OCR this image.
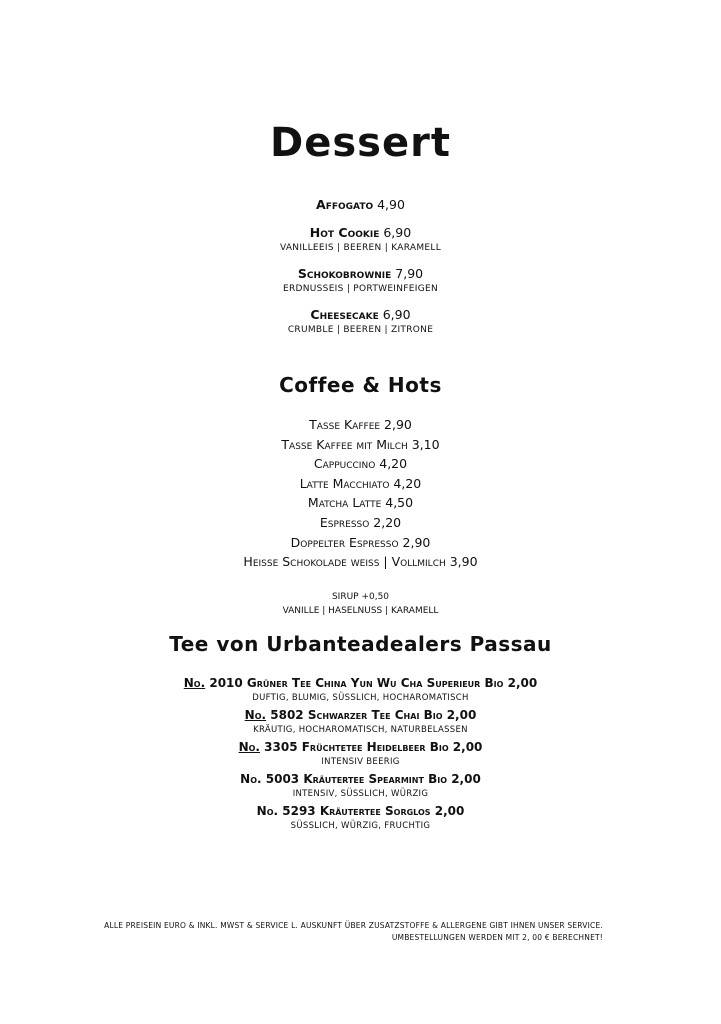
Dessert
Affogato 4,90
Hot Cookie 6,90
VANILLEEIS | BEEREN | KARAMELL
Schokobrownie 7,90
ERDNUSSEIS | PORTWEINFEIGEN
Cheesecake 6,90
CRUMBLE | BEEREN | ZITRONE
Coffee & Hots
Tasse Kaffee 2,90
Tasse Kaffee mit Milch 3,10
Cappuccino 4,20
Latte Macchiato 4,20
Matcha Latte 4,50
Espresso 2,20
Doppelter Espresso 2,90
Heisse Schokolade weiss | Vollmilch 3,90
SIRUP +0,50
VANILLE | HASELNUSS | KARAMELL
Tee von Urbanteadealers Passau
No. 2010 Grüner Tee China Yun Wu Cha Superieur Bio 2,00
DUFTIG, BLUMIG, SÜSSLICH, HOCHAROMATISCH
No. 5802 Schwarzer Tee Chai Bio 2,00
KRÄUTIG, HOCHAROMATISCH, NATURBELASSEN
No. 3305 Früchtetee Heidelbeer Bio 2,00
INTENSIV BEERIG
No. 5003 Kräutertee Spearmint Bio 2,00
INTENSIV, SÜSSLICH, WÜRZIG
No. 5293 Kräutertee Sorglos 2,00
SÜSSLICH, WÜRZIG, FRUCHTIG
ALLE PREISEIN EURO & INKL. MWST & SERVICE L. AUSKUNFT ÜBER ZUSATZSTOFFE & ALLERGENE GIBT IHNEN UNSER SERVICE.
UMBESTELLUNGEN WERDEN MIT 2, 00 € BERECHNET!
